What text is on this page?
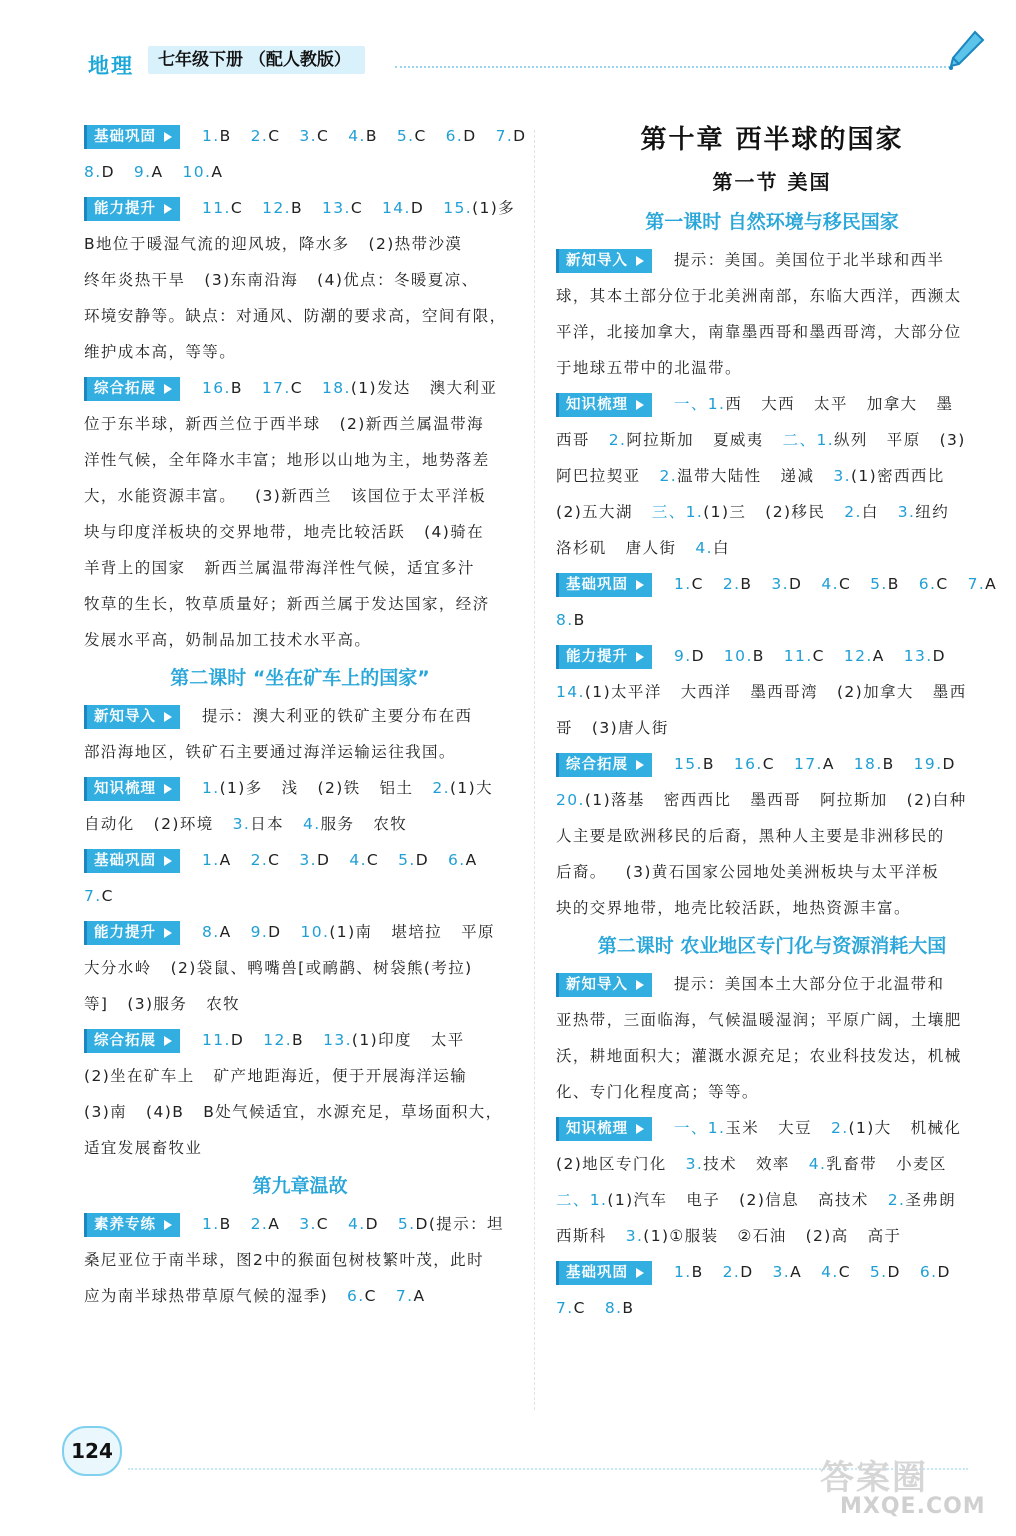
地理	七年级下册 （配人教版）
基础巩固	1.B   2.C   3.C   4.B   5.C   6.D   7.D
8.D   9.A   10.A
能力提升	11.C   12.B   13.C   14.D   15.(1)多
B地位于暖湿气流的迎风坡，降水多   (2)热带沙漠
终年炎热干旱   (3)东南沿海   (4)优点：冬暖夏凉、
环境安静等。缺点：对通风、防潮的要求高，空间有限，
维护成本高，等等。
综合拓展	16.B   17.C   18.(1)发达   澳大利亚
位于东半球，新西兰位于西半球   (2)新西兰属温带海
洋性气候，全年降水丰富；地形以山地为主，地势落差
大，水能资源丰富。   (3)新西兰   该国位于太平洋板
块与印度洋板块的交界地带，地壳比较活跃   (4)骑在
羊背上的国家   新西兰属温带海洋性气候，适宜多汁
牧草的生长，牧草质量好；新西兰属于发达国家，经济
发展水平高，奶制品加工技术水平高。
第二课时 “坐在矿车上的国家”
新知导入	提示：澳大利亚的铁矿主要分布在西
部沿海地区，铁矿石主要通过海洋运输运往我国。
知识梳理	1.(1)多   浅   (2)铁   铝土   2.(1)大
自动化   (2)环境   3.日本   4.服务   农牧
基础巩固	1.A   2.C   3.D   4.C   5.D   6.A
7.C
能力提升	8.A   9.D   10.(1)南   堪培拉   平原
大分水岭   (2)袋鼠、鸭嘴兽[或鸸鹋、树袋熊(考拉)
等]   (3)服务   农牧
综合拓展	11.D   12.B   13.(1)印度   太平
(2)坐在矿车上   矿产地距海近，便于开展海洋运输
(3)南   (4)B   B处气候适宜，水源充足，草场面积大，
适宜发展畜牧业
第九章温故
素养专练	1.B   2.A   3.C   4.D   5.D(提示：坦
桑尼亚位于南半球，图2中的猴面包树枝繁叶茂，此时
应为南半球热带草原气候的湿季)   6.C   7.A
第十章 西半球的国家
第一节 美国
第一课时 自然环境与移民国家
新知导入	提示：美国。美国位于北半球和西半
球，其本土部分位于北美洲南部，东临大西洋，西濒太
平洋，北接加拿大，南靠墨西哥和墨西哥湾，大部分位
于地球五带中的北温带。
知识梳理	一、1.西   大西   太平   加拿大   墨
西哥   2.阿拉斯加   夏威夷   二、1.纵列   平原   (3)
阿巴拉契亚   2.温带大陆性   递减   3.(1)密西西比
(2)五大湖   三、1.(1)三   (2)移民   2.白   3.纽约
洛杉矶   唐人街   4.白
基础巩固	1.C   2.B   3.D   4.C   5.B   6.C   7.A
8.B
能力提升	9.D   10.B   11.C   12.A   13.D
14.(1)太平洋   大西洋   墨西哥湾   (2)加拿大   墨西
哥   (3)唐人街
综合拓展	15.B   16.C   17.A   18.B   19.D
20.(1)落基   密西西比   墨西哥   阿拉斯加   (2)白种
人主要是欧洲移民的后裔，黑种人主要是非洲移民的
后裔。   (3)黄石国家公园地处美洲板块与太平洋板
块的交界地带，地壳比较活跃，地热资源丰富。
第二课时 农业地区专门化与资源消耗大国
新知导入	提示：美国本土大部分位于北温带和
亚热带，三面临海，气候温暖湿润；平原广阔，土壤肥
沃，耕地面积大；灌溉水源充足；农业科技发达，机械
化、专门化程度高；等等。
知识梳理	一、1.玉米   大豆   2.(1)大   机械化
(2)地区专门化   3.技术   效率   4.乳畜带   小麦区
二、1.(1)汽车   电子   (2)信息   高技术   2.圣弗朗
西斯科   3.(1)①服装   ②石油   (2)高   高于
基础巩固	1.B   2.D   3.A   4.C   5.D   6.D
7.C   8.B
124
答案圈
MXQE.COM
